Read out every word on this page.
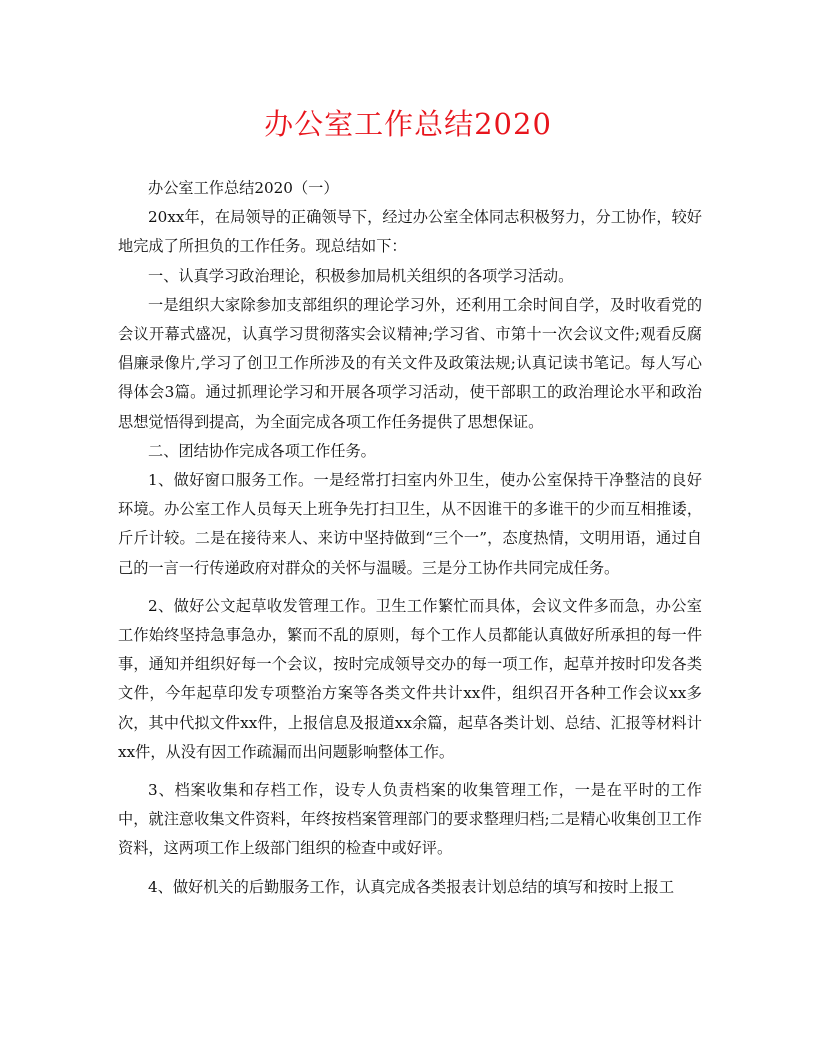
办公室工作总结2020

办公室工作总结2020（一）

20xx年，在局领导的正确领导下，经过办公室全体同志积极努力，分工协作，较好地完成了所担负的工作任务。现总结如下：

一、认真学习政治理论，积极参加局机关组织的各项学习活动。

一是组织大家除参加支部组织的理论学习外，还利用工余时间自学，及时收看党的会议开幕式盛况，认真学习贯彻落实会议精神;学习省、市第十一次会议文件;观看反腐倡廉录像片,学习了创卫工作所涉及的有关文件及政策法规;认真记读书笔记。每人写心得体会3篇。通过抓理论学习和开展各项学习活动，使干部职工的政治理论水平和政治思想觉悟得到提高，为全面完成各项工作任务提供了思想保证。

二、团结协作完成各项工作任务。

1、做好窗口服务工作。一是经常打扫室内外卫生，使办公室保持干净整洁的良好环境。办公室工作人员每天上班争先打扫卫生，从不因谁干的多谁干的少而互相推诿，斤斤计较。二是在接待来人、来访中坚持做到“三个一”，态度热情，文明用语，通过自己的一言一行传递政府对群众的关怀与温暖。三是分工协作共同完成任务。

2、做好公文起草收发管理工作。卫生工作繁忙而具体，会议文件多而急，办公室工作始终坚持急事急办，繁而不乱的原则，每个工作人员都能认真做好所承担的每一件事，通知并组织好每一个会议，按时完成领导交办的每一项工作，起草并按时印发各类文件，今年起草印发专项整治方案等各类文件共计xx件，组织召开各种工作会议xx多次，其中代拟文件xx件，上报信息及报道xx余篇，起草各类计划、总结、汇报等材料计xx件，从没有因工作疏漏而出问题影响整体工作。

3、档案收集和存档工作，设专人负责档案的收集管理工作，一是在平时的工作中，就注意收集文件资料，年终按档案管理部门的要求整理归档;二是精心收集创卫工作资料，这两项工作上级部门组织的检查中或好评。

4、做好机关的后勤服务工作，认真完成各类报表计划总结的填写和按时上报工
